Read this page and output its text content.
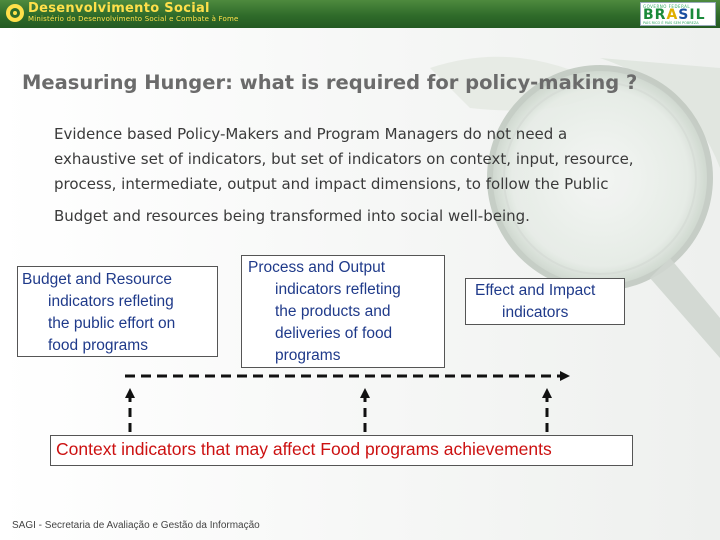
Desenvolvimento Social
Ministério do Desenvolvimento Social e Combate à Fome
GOVERNO FEDERAL
BRASIL
PAÍS RICO É PAÍS SEM POBREZA
Measuring Hunger: what is required for policy-making ?
Evidence based Policy-Makers and Program Managers do not need a
exhaustive set of indicators, but set of indicators on context, input, resource,
process, intermediate, output and impact dimensions, to follow the Public
Budget and resources being transformed into social well-being.
Budget and Resource
indicators refleting
the public effort on
food programs
Process and Output
indicators refleting
the products and
deliveries of food
programs
Effect and Impact
indicators
Context indicators that may affect Food programs achievements
SAGI - Secretaria de Avaliação e Gestão da Informação
